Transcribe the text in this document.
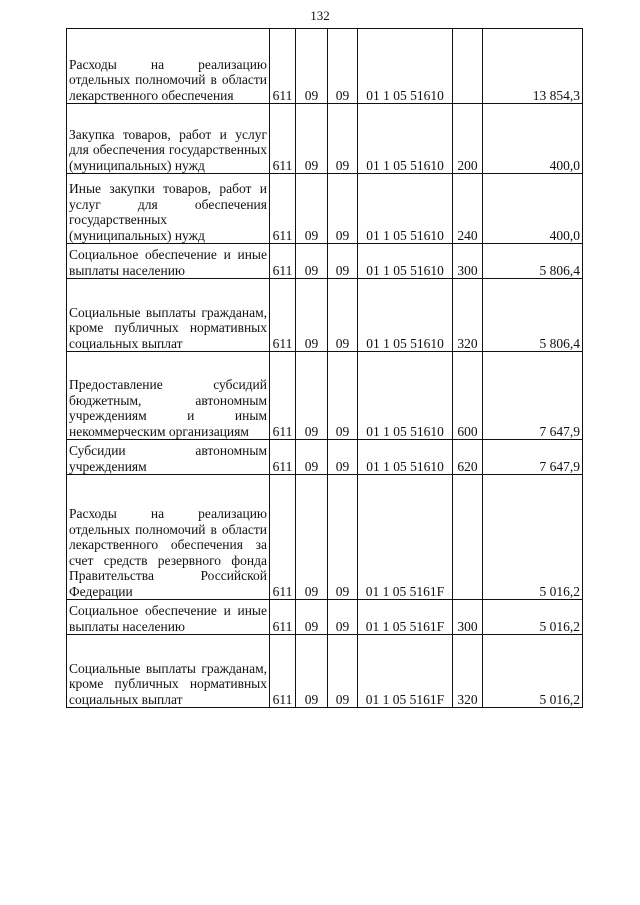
132
Расходы на реализацию отдельных полномочий в области лекарственного обеспечения	611	09	09	01 1 05 51610		13 854,3
Закупка товаров, работ и услуг для обеспечения государственных (муниципальных) нужд	611	09	09	01 1 05 51610	200	400,0
Иные закупки товаров, работ и услуг для обеспечения государственных (муниципальных) нужд	611	09	09	01 1 05 51610	240	400,0
Социальное обеспечение и иные выплаты населению	611	09	09	01 1 05 51610	300	5 806,4
Социальные выплаты гражданам, кроме публичных нормативных социальных выплат	611	09	09	01 1 05 51610	320	5 806,4
Предоставление субсидий бюджетным, автономным учреждениям и иным некоммерческим организациям	611	09	09	01 1 05 51610	600	7 647,9
Субсидии автономным учреждениям	611	09	09	01 1 05 51610	620	7 647,9
Расходы на реализацию отдельных полномочий в области лекарственного обеспечения за счет средств резервного фонда Правительства Российской Федерации	611	09	09	01 1 05 5161F		5 016,2
Социальное обеспечение и иные выплаты населению	611	09	09	01 1 05 5161F	300	5 016,2
Социальные выплаты гражданам, кроме публичных нормативных социальных выплат	611	09	09	01 1 05 5161F	320	5 016,2
